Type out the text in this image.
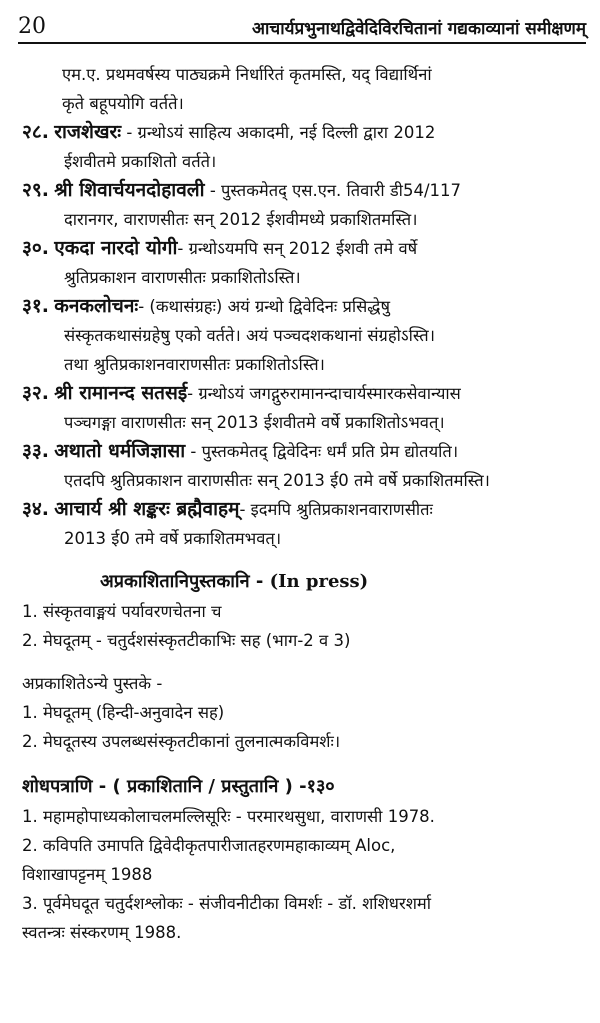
20	आचार्यप्रभुनाथद्विवेदिविरचितानां गद्यकाव्यानां समीक्षणम्
एम.ए. प्रथमवर्षस्य पाठ्यक्रमे निर्धारितं कृतमस्ति, यद् विद्यार्थिनां
कृते बहूपयोगि वर्तते।
२८. राजशेखरः - ग्रन्थोऽयं साहित्य अकादमी, नई दिल्ली द्वारा 2012
ईशवीतमे प्रकाशितो वर्तते।
२९. श्री शिवार्चयनदोहावली - पुस्तकमेतद् एस.एन. तिवारी डी54/117
दारानगर, वाराणसीतः सन् 2012 ईशवीमध्ये प्रकाशितमस्ति।
३०. एकदा नारदो योगी- ग्रन्थोऽयमपि सन् 2012 ईशवी तमे वर्षे
श्रुतिप्रकाशन वाराणसीतः प्रकाशितोऽस्ति।
३१. कनकलोचनः- (कथासंग्रहः) अयं ग्रन्थो द्विवेदिनः प्रसिद्धेषु
संस्कृतकथासंग्रहेषु एको वर्तते। अयं पञ्चदशकथानां संग्रहोऽस्ति।
तथा श्रुतिप्रकाशनवाराणसीतः प्रकाशितोऽस्ति।
३२. श्री रामानन्द सतसई- ग्रन्थोऽयं जगद्गुरुरामानन्दाचार्यस्मारकसेवान्यास
पञ्चगङ्गा वाराणसीतः सन् 2013 ईशवीतमे वर्षे प्रकाशितोऽभवत्।
३३. अथातो धर्मजिज्ञासा - पुस्तकमेतद् द्विवेदिनः धर्मं प्रति प्रेम द्योतयति।
एतदपि श्रुतिप्रकाशन वाराणसीतः सन् 2013 ई0 तमे वर्षे प्रकाशितमस्ति।
३४. आचार्य श्री शङ्करः ब्रह्मैवाहम्- इदमपि श्रुतिप्रकाशनवाराणसीतः
2013 ई0 तमे वर्षे प्रकाशितमभवत्।
अप्रकाशितानिपुस्तकानि - (In press)
1. संस्कृतवाङ्मयं पर्यावरणचेतना च
2. मेघदूतम् - चतुर्दशसंस्कृतटीकाभिः सह (भाग-2 व 3)
अप्रकाशितेऽन्ये पुस्तके -
1. मेघदूतम् (हिन्दी-अनुवादेन सह)
2. मेघदूतस्य उपलब्धसंस्कृतटीकानां तुलनात्मकविमर्शः।
शोधपत्राणि - ( प्रकाशितानि / प्रस्तुतानि ) -१३०
1. महामहोपाध्यकोलाचलमल्लिसूरिः - परमारथसुधा, वाराणसी 1978.
2. कविपति उमापति द्विवेदीकृतपारीजातहरणमहाकाव्यम् Aloc,
विशाखापट्टनम् 1988
3. पूर्वमेघदूत चतुर्दशश्लोकः - संजीवनीटीका विमर्शः - डॉ. शशिधरशर्मा
स्वतन्त्रः संस्करणम् 1988.
